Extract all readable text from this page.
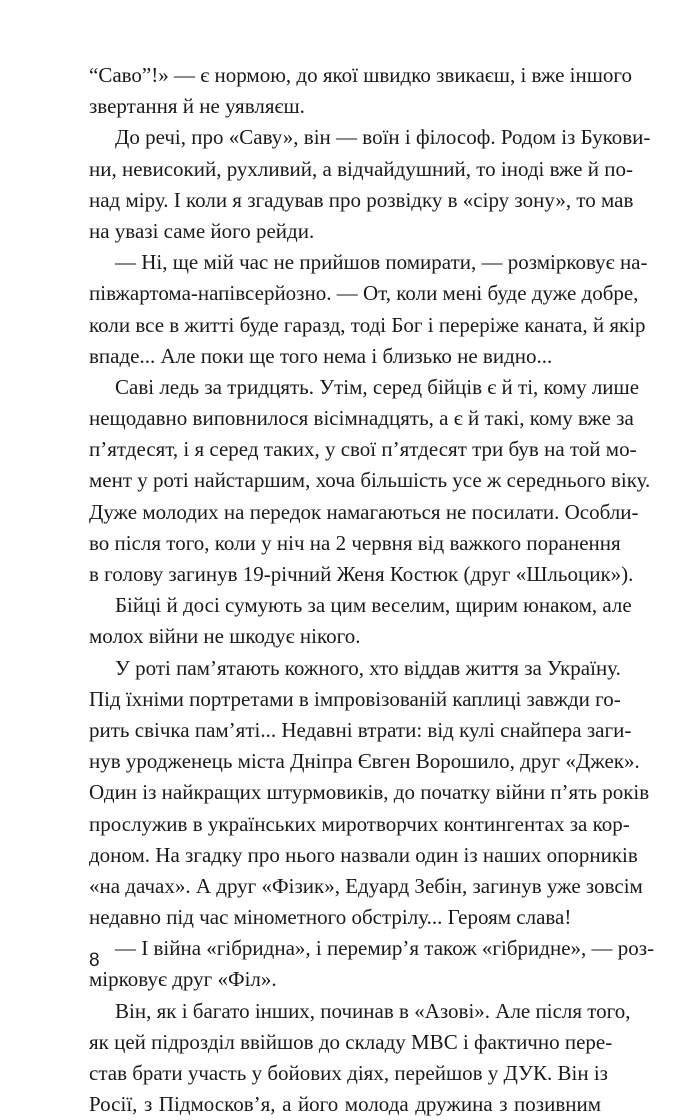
“Саво”!» — є нормою, до якої швидко звикаєш, і вже іншого
звертання й не уявляєш.
До речі, про «Саву», він — воїн і філософ. Родом із Букови-
ни, невисокий, рухливий, а відчайдушний, то іноді вже й по-
над міру. І коли я згадував про розвідку в «сіру зону», то мав
на увазі саме його рейди.
— Ні, ще мій час не прийшов помирати, — розмірковує на-
півжартома-напівсерйозно. — От, коли мені буде дуже добре,
коли все в житті буде гаразд, тоді Бог і переріже каната, й якір
впаде... Але поки ще того нема і близько не видно...
Саві ледь за тридцять. Утім, серед бійців є й ті, кому лише
нещодавно виповнилося вісімнадцять, а є й такі, кому вже за
п’ятдесят, і я серед таких, у свої п’ятдесят три був на той мо-
мент у роті найстаршим, хоча більшість усе ж середнього віку.
Дуже молодих на передок намагаються не посилати. Особли-
во після того, коли у ніч на 2 червня від важкого поранення
в голову загинув 19-річний Женя Костюк (друг «Шльоцик»).
Бійці й досі сумують за цим веселим, щирим юнаком, але
молох війни не шкодує нікого.
У роті пам’ятають кожного, хто віддав життя за Україну.
Під їхніми портретами в імпровізованій каплиці завжди го-
рить свічка пам’яті... Недавні втрати: від кулі снайпера заги-
нув уродженець міста Дніпра Євген Ворошило, друг «Джек».
Один із найкращих штурмовиків, до початку війни п’ять років
прослужив в українських миротворчих контингентах за кор-
доном. На згадку про нього назвали один із наших опорників
«на дачах». А друг «Фізик», Едуард Зебін, загинув уже зовсім
недавно під час мінометного обстрілу... Героям слава!
— І війна «гібридна», і перемир’я також «гібридне», — роз-
мірковує друг «Філ».
Він, як і багато інших, починав в «Азові». Але після того,
як цей підрозділ ввійшов до складу МВС і фактично пере-
став брати участь у бойових діях, перейшов у ДУК. Він із
Росії, з Підмосков’я, а його молода дружина з позивним
8
